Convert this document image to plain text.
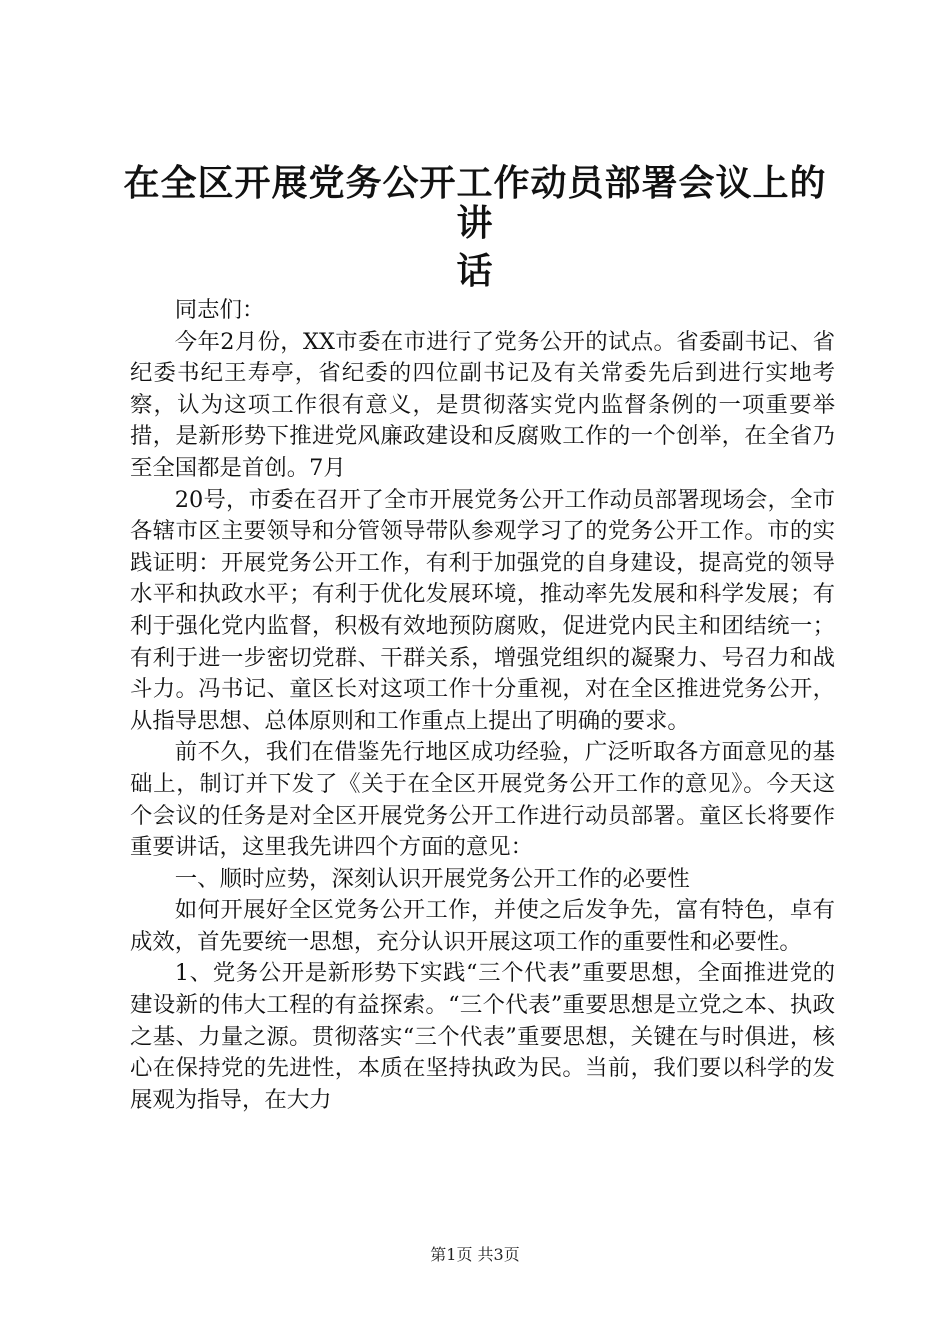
在全区开展党务公开工作动员部署会议上的讲
话

同志们：

今年2月份，XX市委在市进行了党务公开的试点。省委副书记、省纪委书纪王寿亭，省纪委的四位副书记及有关常委先后到进行实地考察，认为这项工作很有意义，是贯彻落实党内监督条例的一项重要举措，是新形势下推进党风廉政建设和反腐败工作的一个创举，在全省乃至全国都是首创。7月

20号，市委在召开了全市开展党务公开工作动员部署现场会，全市各辖市区主要领导和分管领导带队参观学习了的党务公开工作。市的实践证明：开展党务公开工作，有利于加强党的自身建设，提高党的领导水平和执政水平；有利于优化发展环境，推动率先发展和科学发展；有利于强化党内监督，积极有效地预防腐败，促进党内民主和团结统一；有利于进一步密切党群、干群关系，增强党组织的凝聚力、号召力和战斗力。冯书记、童区长对这项工作十分重视，对在全区推进党务公开，从指导思想、总体原则和工作重点上提出了明确的要求。

前不久，我们在借鉴先行地区成功经验，广泛听取各方面意见的基础上，制订并下发了《关于在全区开展党务公开工作的意见》。今天这个会议的任务是对全区开展党务公开工作进行动员部署。童区长将要作重要讲话，这里我先讲四个方面的意见：

一、顺时应势，深刻认识开展党务公开工作的必要性

如何开展好全区党务公开工作，并使之后发争先，富有特色，卓有成效，首先要统一思想，充分认识开展这项工作的重要性和必要性。

1、党务公开是新形势下实践“三个代表”重要思想，全面推进党的建设新的伟大工程的有益探索。“三个代表”重要思想是立党之本、执政之基、力量之源。贯彻落实“三个代表”重要思想，关键在与时俱进，核心在保持党的先进性，本质在坚持执政为民。当前，我们要以科学的发展观为指导，在大力

第1页 共3页
